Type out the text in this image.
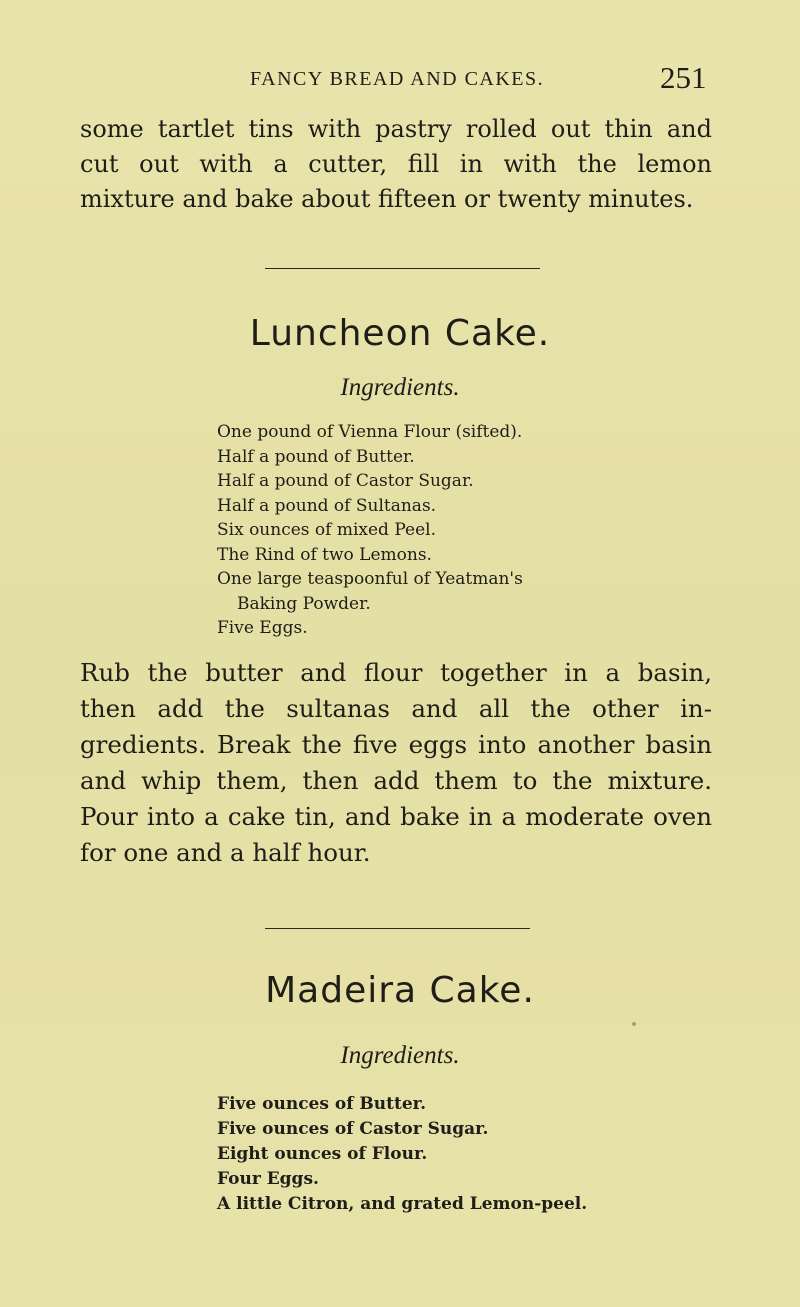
FANCY BREAD AND CAKES.	251

some tartlet tins with pastry rolled out thin and
cut out with a cutter, fill in with the lemon
mixture and bake about fifteen or twenty minutes.

Luncheon Cake.
Ingredients.
One pound of Vienna Flour (sifted).
Half a pound of Butter.
Half a pound of Castor Sugar.
Half a pound of Sultanas.
Six ounces of mixed Peel.
The Rind of two Lemons.
One large teaspoonful of Yeatman's
Baking Powder.
Five Eggs.

Rub the butter and flour together in a basin,
then add the sultanas and all the other in-
gredients. Break the five eggs into another basin
and whip them, then add them to the mixture.
Pour into a cake tin, and bake in a moderate oven
for one and a half hour.

Madeira Cake.
Ingredients.
Five ounces of Butter.
Five ounces of Castor Sugar.
Eight ounces of Flour.
Four Eggs.
A little Citron, and grated Lemon-peel.
